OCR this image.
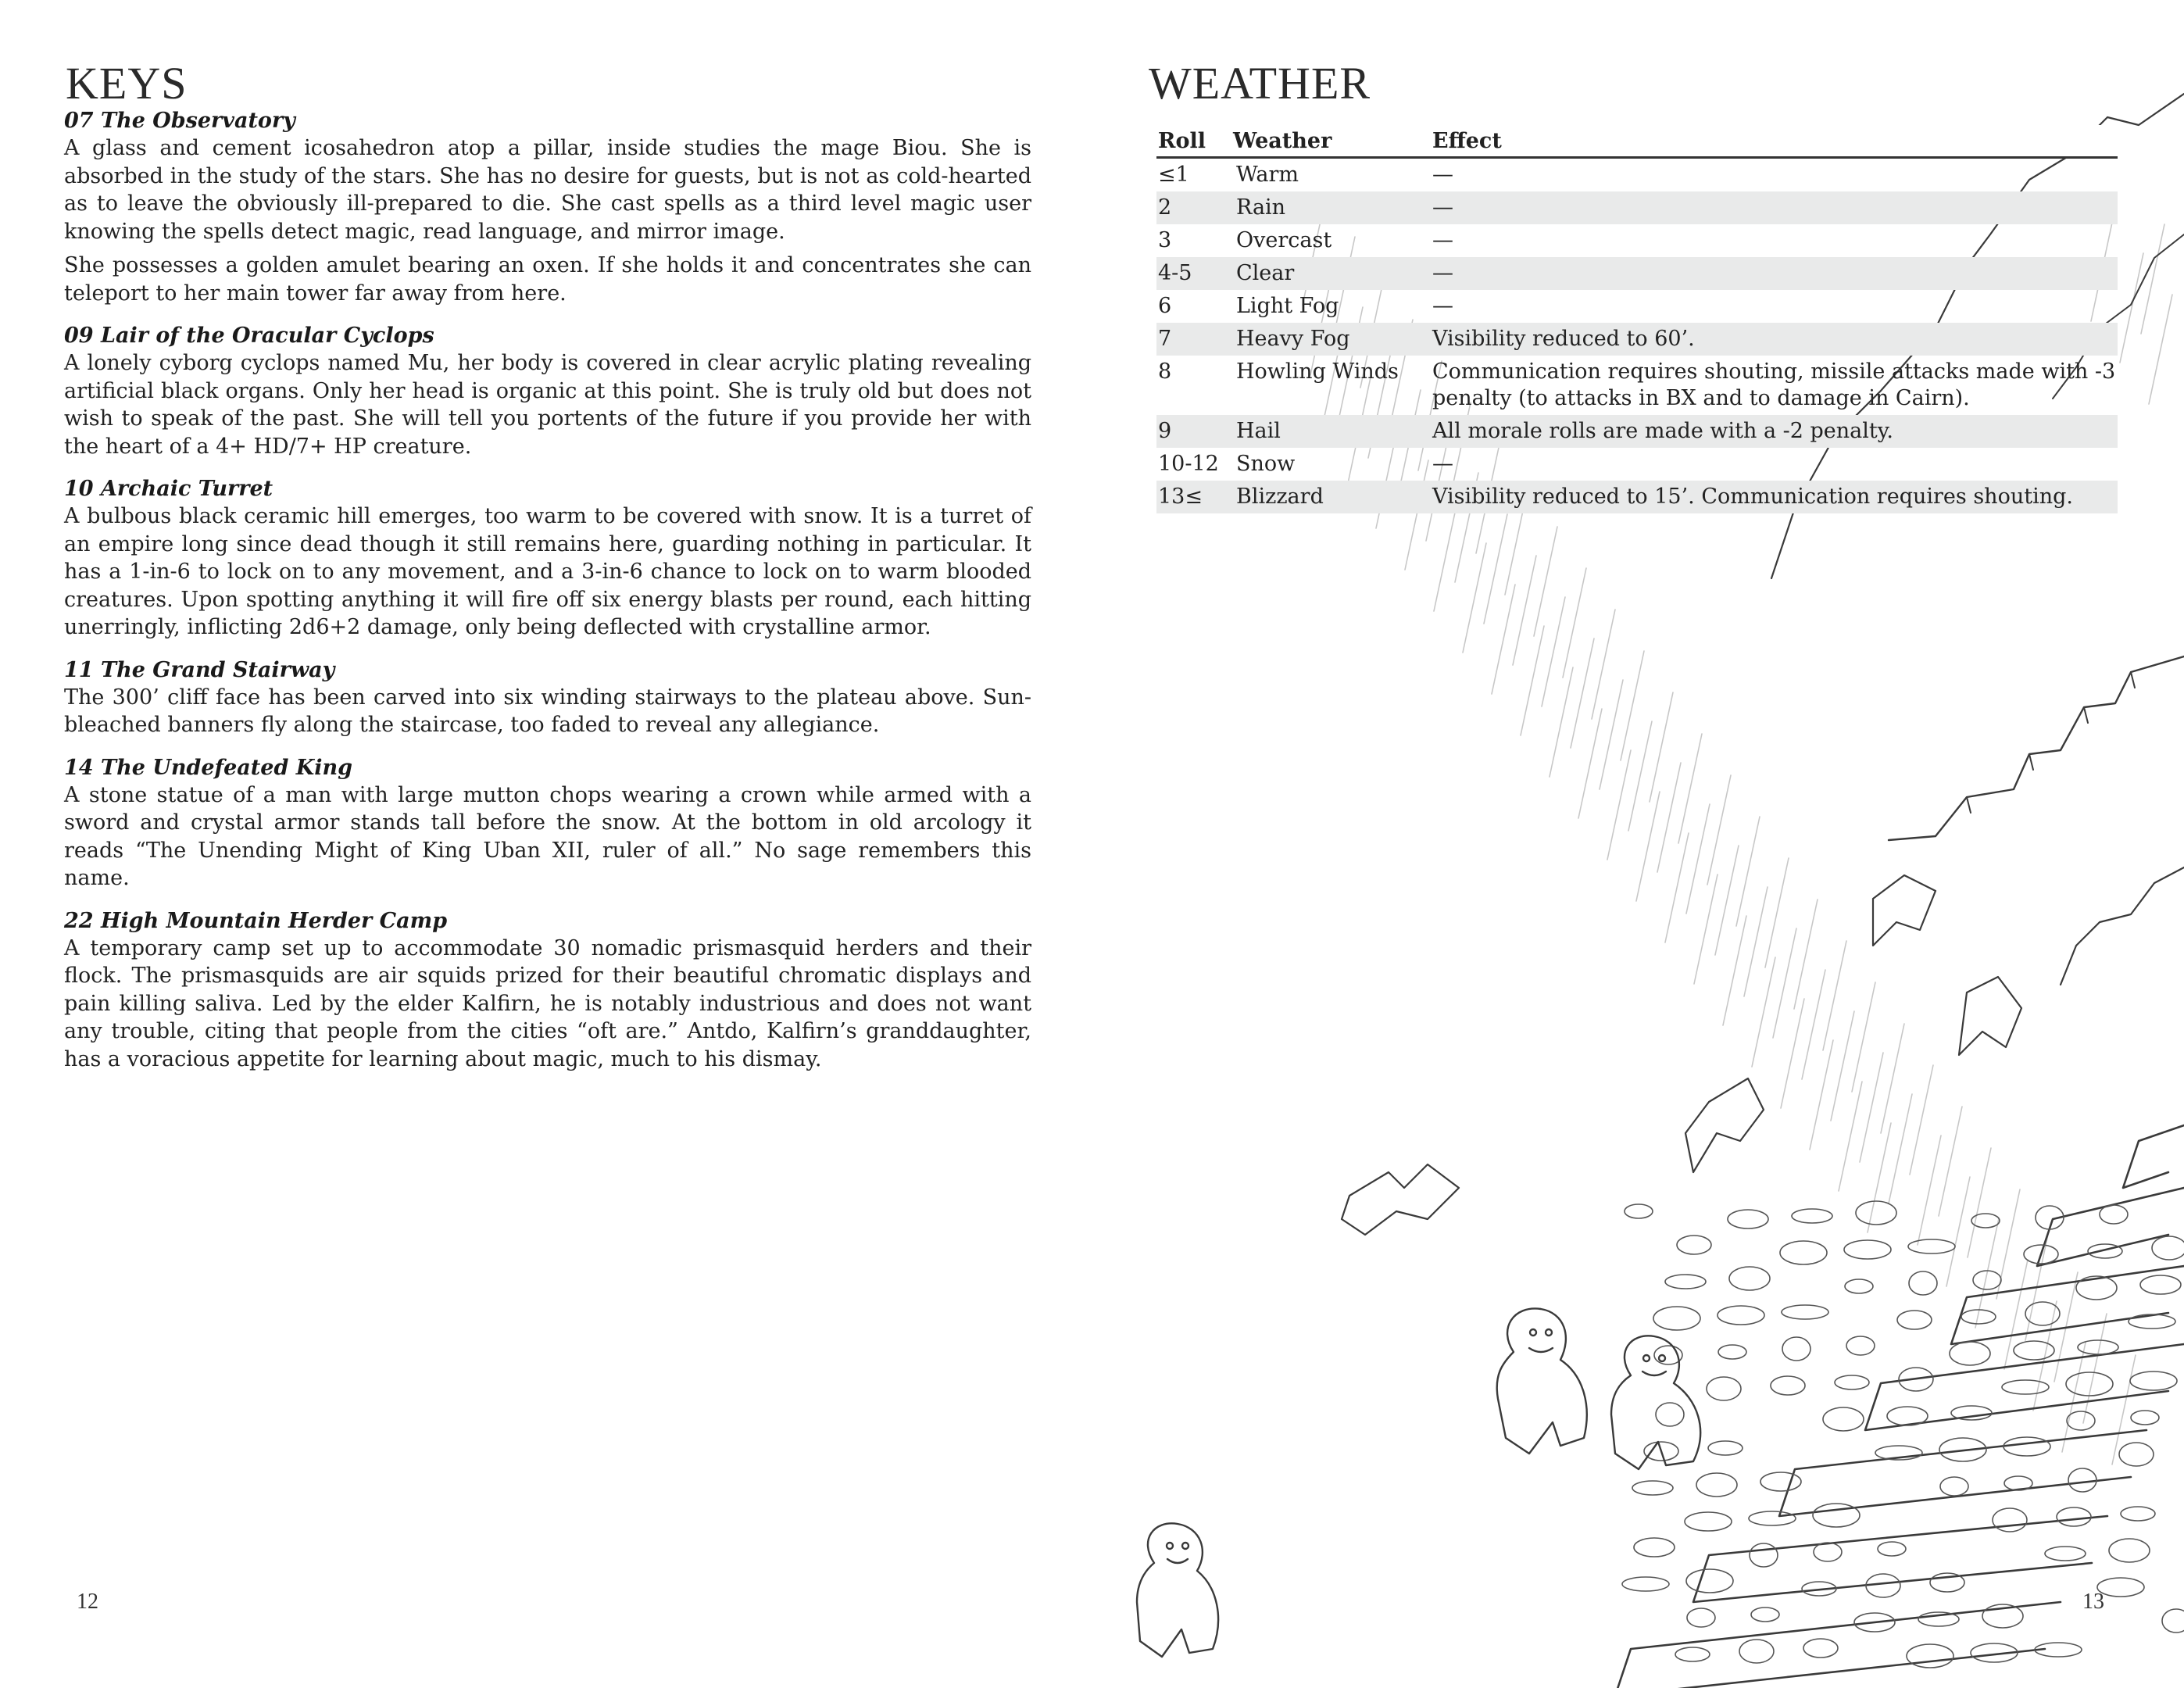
KEYS
07 The Observatory

A glass and cement icosahedron atop a pillar, inside studies the mage Biou. She is absorbed in the study of the stars. She has no desire for guests, but is not as cold-hearted as to leave the obviously ill-prepared to die. She cast spells as a third level magic user knowing the spells detect magic, read language, and mirror image.

She possesses a golden amulet bearing an oxen. If she holds it and concentrates she can teleport to her main tower far away from here.

09 Lair of the Oracular Cyclops

A lonely cyborg cyclops named Mu, her body is covered in clear acrylic plating revealing artificial black organs. Only her head is organic at this point. She is truly old but does not wish to speak of the past. She will tell you portents of the future if you provide her with the heart of a 4+ HD/7+ HP creature.

10 Archaic Turret

A bulbous black ceramic hill emerges, too warm to be covered with snow. It is a turret of an empire long since dead though it still remains here, guarding nothing in particular. It has a 1-in-6 to lock on to any movement, and a 3-in-6 chance to lock on to warm blooded creatures. Upon spotting anything it will fire off six energy blasts per round, each hitting unerringly, inflicting 2d6+2 damage, only being deflected with crystalline armor.

11 The Grand Stairway

The 300’ cliff face has been carved into six winding stairways to the plateau above. Sun-bleached banners fly along the staircase, too faded to reveal any allegiance.

14 The Undefeated King

A stone statue of a man with large mutton chops wearing a crown while armed with a sword and crystal armor stands tall before the snow. At the bottom in old arcology it reads “The Unending Might of King Uban XII, ruler of all.” No sage remembers this name.

22 High Mountain Herder Camp

A temporary camp set up to accommodate 30 nomadic prismasquid herders and their flock. The prismasquids are air squids prized for their beautiful chromatic displays and pain killing saliva. Led by the elder Kalfirn, he is notably industrious and does not want any trouble, citing that people from the cities “oft are.” Antdo, Kalfirn’s granddaughter, has a voracious appetite for learning about magic, much to his dismay.

12
WEATHER
Roll	Weather	Effect
≤1	Warm	—
2	Rain	—
3	Overcast	—
4-5	Clear	—
6	Light Fog	—
7	Heavy Fog	Visibility reduced to 60’.
8	Howling Winds	Communication requires shouting, missile attacks made with -3 penalty (to attacks in BX and to damage in Cairn).
9	Hail	All morale rolls are made with a -2 penalty.
10-12 Snow	—
13≤	Blizzard	Visibility reduced to 15’. Communication requires shouting.
13
